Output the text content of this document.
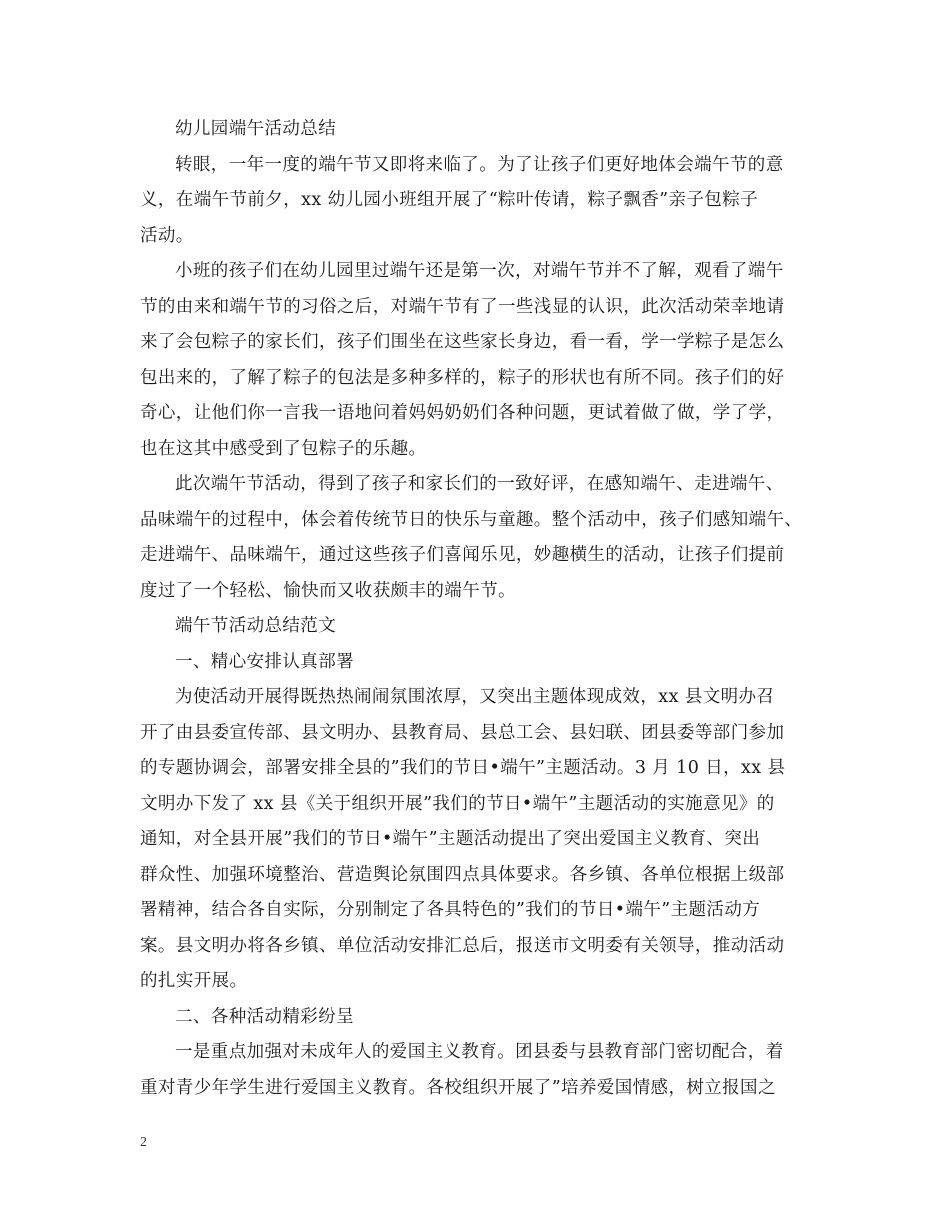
幼儿园端午活动总结
转眼，一年一度的端午节又即将来临了。为了让孩子们更好地体会端午节的意
义，在端午节前夕，xx 幼儿园小班组开展了“粽叶传请，粽子飘香”亲子包粽子
活动。
小班的孩子们在幼儿园里过端午还是第一次，对端午节并不了解，观看了端午
节的由来和端午节的习俗之后，对端午节有了一些浅显的认识，此次活动荣幸地请
来了会包粽子的家长们，孩子们围坐在这些家长身边，看一看，学一学粽子是怎么
包出来的，了解了粽子的包法是多种多样的，粽子的形状也有所不同。孩子们的好
奇心，让他们你一言我一语地问着妈妈奶奶们各种问题，更试着做了做，学了学，
也在这其中感受到了包粽子的乐趣。
此次端午节活动，得到了孩子和家长们的一致好评，在感知端午、走进端午、
品味端午的过程中，体会着传统节日的快乐与童趣。整个活动中，孩子们感知端午、
走进端午、品味端午，通过这些孩子们喜闻乐见，妙趣横生的活动，让孩子们提前
度过了一个轻松、愉快而又收获颇丰的端午节。
端午节活动总结范文
一、精心安排认真部署
为使活动开展得既热热闹闹氛围浓厚，又突出主题体现成效，xx 县文明办召
开了由县委宣传部、县文明办、县教育局、县总工会、县妇联、团县委等部门参加
的专题协调会，部署安排全县的”我们的节日•端午”主题活动。3 月 10 日，xx 县
文明办下发了 xx 县《关于组织开展”我们的节日•端午”主题活动的实施意见》的
通知，对全县开展”我们的节日•端午”主题活动提出了突出爱国主义教育、突出
群众性、加强环境整治、营造舆论氛围四点具体要求。各乡镇、各单位根据上级部
署精神，结合各自实际，分别制定了各具特色的”我们的节日•端午”主题活动方
案。县文明办将各乡镇、单位活动安排汇总后，报送市文明委有关领导，推动活动
的扎实开展。
二、各种活动精彩纷呈
一是重点加强对未成年人的爱国主义教育。团县委与县教育部门密切配合，着
重对青少年学生进行爱国主义教育。各校组织开展了”培养爱国情感，树立报国之
2
